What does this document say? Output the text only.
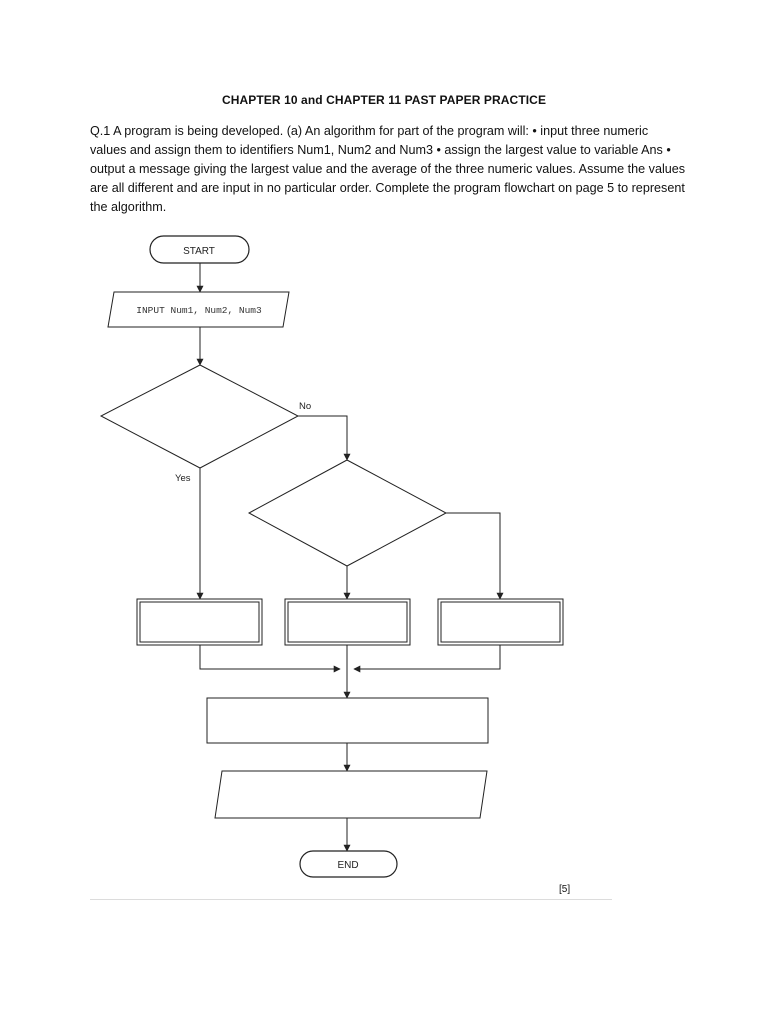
CHAPTER 10 and CHAPTER 11 PAST PAPER PRACTICE
Q.1 A program is being developed. (a) An algorithm for part of the program will: • input three numeric values and assign them to identifiers Num1, Num2 and Num3 • assign the largest value to variable Ans • output a message giving the largest value and the average of the three numeric values. Assume the values are all different and are input in no particular order. Complete the program flowchart on page 5 to represent the algorithm.
START
INPUT Num1, Num2, Num3
No
Yes
END
[5]
